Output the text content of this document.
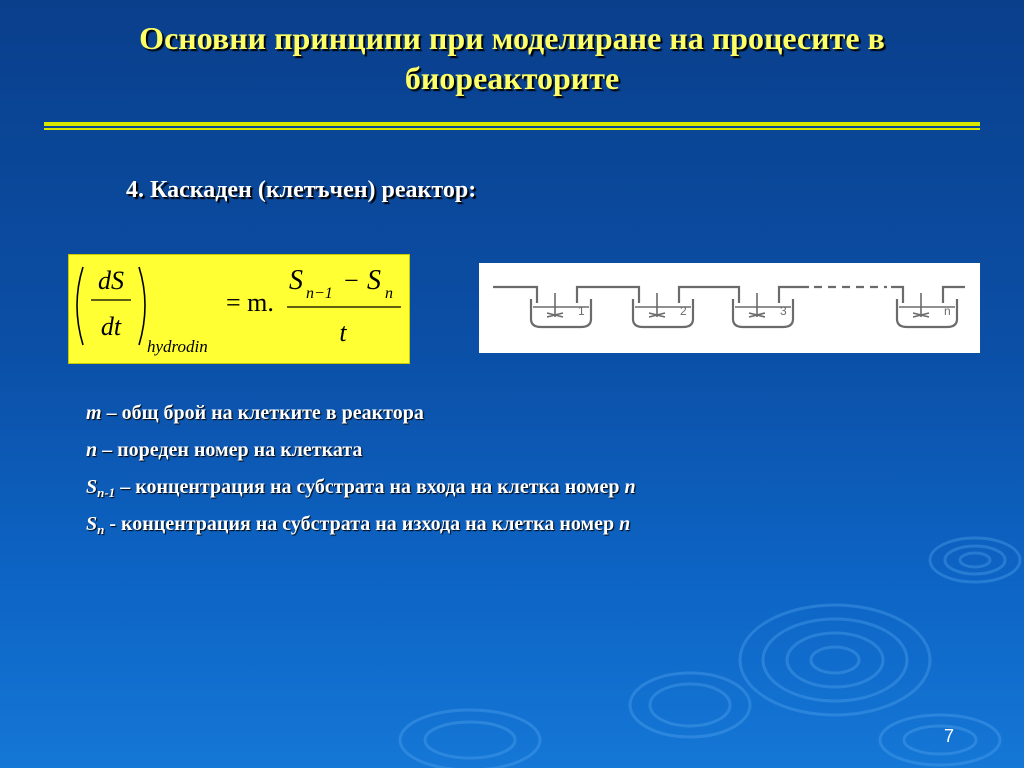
Основни принципи при моделиране на процесите в биореакторите
4. Каскаден (клетъчен) реактор:
dS
dt
hydrodin
= m.
S n−1 − S n
t
1	2	3	n
m – общ брой на клетките в реактора
n – пореден номер на клетката
$S_{n-1}$ – концентрация на субстрата на входа на клетка номер n
$S_n$ - концентрация на субстрата на изхода на клетка номер n
7
